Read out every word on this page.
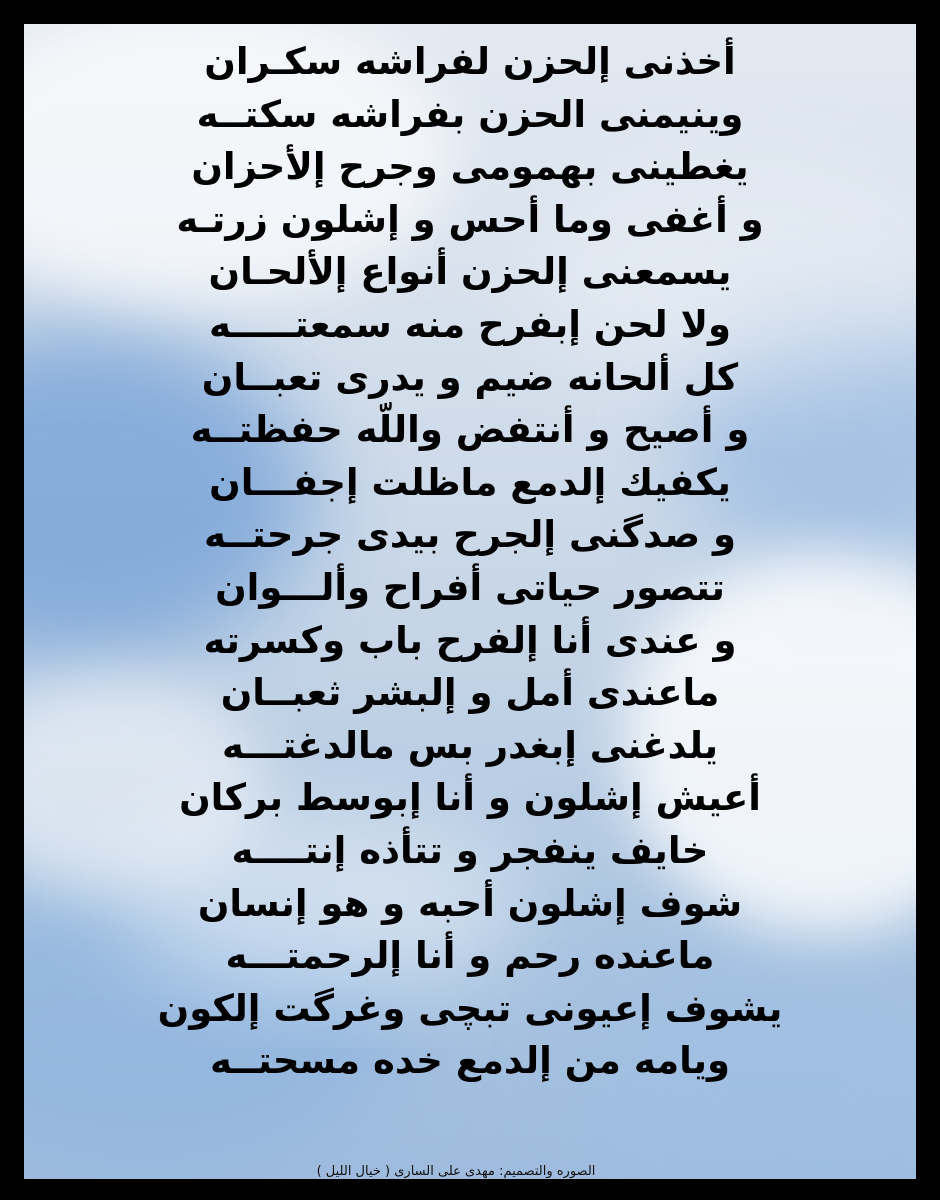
أخذنى إلحزن لفراشه سكـران
وينيمنى الحزن بفراشه سكتــه
يغطينى بهمومى وجرح إلأحزان
و أغفى وما أحس و إشلون زرتـه
يسمعنى إلحزن أنواع إلألحـان
ولا لحن إبفرح منه سمعتـــــه
كل ألحانه ضيم و يدرى تعبــان
و أصيح و أنتفض واللّه حفظتــه
يكفيك إلدمع ماظلت إجفـــان
و صدگنى إلجرح بيدى جرحتــه
تتصور حياتى أفراح وألـــوان
و عندى أنا إلفرح باب وكسرته
ماعندى أمل و إلبشر ثعبــان
يلدغنى إبغدر بس مالدغتـــه
أعيش إشلون و أنا إبوسط بركان
خايف ينفجر و تتأذه إنتــــه
شوف إشلون أحبه و هو إنسان
ماعنده رحم و أنا إلرحمتـــه
يشوف إعيونى تبچى وغرگت إلكون
ويامه من إلدمع خده مسحتــه
الصوره والتصميم: مهدى على السارى ( خيال الليل )
